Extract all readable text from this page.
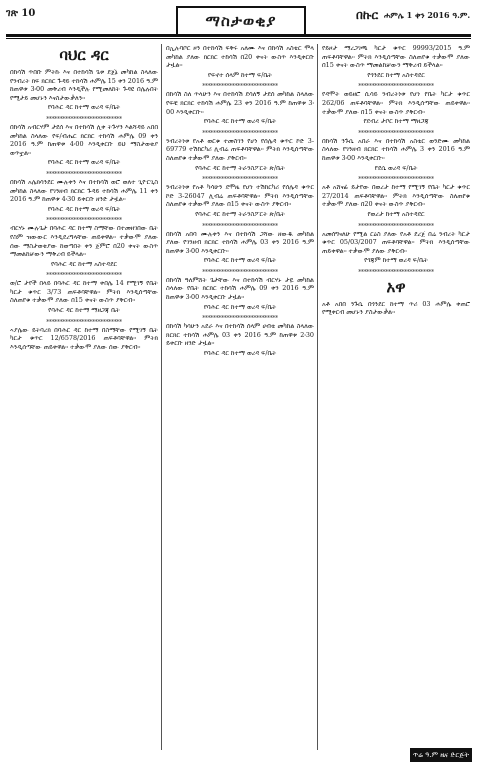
ገጽ 10	ማስታወቂያ	በኩር ሐምሌ 1 ቀን 2016 ዓ.ም.
ባህር ዳር

በከሳሽ ጥበቡ ምትኩ እና በተከሳሽ ጌቱ ደጀኔ መካከል ስላለው የንብረት ክፍ ክርክር ጉዳይ ተከሳሽ ሐምሌ 15 ቀን 2016 ዓ.ም ከጠዋቱ 3፡00 መቅረብ እንዲችሉ የሚመለከት ጉዳዩ በሌሉበት የሚታይ መሆኑን እናስታውቃለን፡፡

የባሕር ዳር ከተማ ወረዳ ፍ/ቤት
****************************

በከሳሽ አብርሃም ታደሰ እና በተከሳሽ ሊቀ ትጉሃን እልሻዳይ አበበ መካከል ስላለው የፍ/ብሔር ክርክር ተከሳሽ ሐምሌ 09 ቀን 2016 ዓ.ም ከጠዋቱ 4፡00 እንዲቀርቡ ይህ ማስታወቂያ ወጥቷል፡፡

የባሕር ዳር ከተማ ወረዳ ፍ/ቤት
****************************

በከሳሽ አሌክሳንደር ሙሉቀን እና በተከሳሽ ወሮ ወለተ ጊዮርጊስ መካከል ስላለው የገንዘብ ክርክር ጉዳይ ተከሳሽ ሐምሌ 11 ቀን 2016 ዓ.ም ከጠዋቱ 4፡30 ይቀርቡ ዘንድ ታዟል፡፡

የባሕር ዳር ከተማ ወረዳ ፍ/ቤት
****************************

ብርሃኑ ሙሉጌታ በባሕር ዳር ከተማ ስማቸው በተመዘገበው ቤት የስም ዝውውር እንዲደረግላቸው ጠይቀዋል፡፡ ተቃውሞ ያለው ሰው ማስታወቂያው ከወጣበት ቀን ጀምሮ በ20 ቀናት ውስጥ ማመልከቻውን ማቅረብ ይችላል፡፡

የባሕር ዳር ከተማ አስተዳደር
****************************

ወ/ሮ ታየች በላይ በባሕር ዳር ከተማ ቀበሌ 14 የሚገኝ የቤት ካርታ ቁጥር 3/73 ጠፍቶባቸዋል፡፡ ምትክ እንዲሰጣቸው ስለጠየቁ ተቃውሞ ያለው በ15 ቀናት ውስጥ ያቅርብ፡፡

የባሕር ዳር ከተማ ማዘጋጃ ቤት
****************************

ኣያሌው ይትባረክ በባሕር ዳር ከተማ በስማቸው የሚገኝ ቤት ካርታ ቁጥር 12/6578/2016 ጠፍቶባቸዋል፡፡ ምትክ እንዲሰጣቸው ጠይቀዋል፡፡ ተቃውሞ ያለው ሰው ያቅርብ፡፡

በኢሉባቦር ዞን በተከሳሽ ፍቅሩ አለሙ እና በከሳሽ አስቴር ሞላ መካከል ያለው ክርክር ተከሳሽ በ20 ቀናት ውስጥ እንዲቀርቡ ታዟል፡፡

የፍኖተ ሰላም ከተማ ፍ/ቤት
****************************

በከሳሽ ስለ ጥላሁን እና በተከሳሽ ደሳለኝ ታደሰ መካከል ስላለው የፍቺ ክርክር ተከሳሽ ሐምሌ 23 ቀን 2016 ዓ.ም ከጠዋቱ 3፡00 እንዲቀርቡ፡፡

የባሕር ዳር ከተማ ወረዳ ፍ/ቤት
****************************

ንብረትነቱ የአቶ ወርቁ ተመስገን የሆነ የሰሌዳ ቁጥር ኮድ 3-69779 ተሽከርካሪ ሊብሬ ጠፍቶባቸዋል፡፡ ምትክ እንዲሰጣቸው ስለጠየቁ ተቃውሞ ያለው ያቅርብ፡፡

የባሕር ዳር ከተማ ትራንስፖርት ጽ/ቤት
****************************

ንብረትነቱ የአቶ ካሳሁን ደሞዜ የሆነ ተሽከርካሪ የሰሌዳ ቁጥር ኮድ 3-26047 ሊብሬ ጠፍቶባቸዋል፡፡ ምትክ እንዲሰጣቸው ስለጠየቁ ተቃውሞ ያለው በ15 ቀናት ውስጥ ያቅርብ፡፡

የባሕር ዳር ከተማ ትራንስፖርት ጽ/ቤት
****************************

በከሳሽ አበባ ሙሉቀን እና በተከሳሽ ጋሻው ዘውዱ መካከል ያለው የገንዘብ ክርክር ተከሳሽ ሐምሌ 03 ቀን 2016 ዓ.ም ከጠዋቱ 3፡00 እንዲቀርቡ፡፡

የባሕር ዳር ከተማ ወረዳ ፍ/ቤት
****************************

በከሳሽ ዓለምሸት ጌታቸው እና በተከሳሽ ብርሃኑ ታዬ መካከል ስላለው የቤት ክርክር ተከሳሽ ሐምሌ 09 ቀን 2016 ዓ.ም ከጠዋቱ 3፡00 እንዲቀርቡ ታዟል፡፡

የባሕር ዳር ከተማ ወረዳ ፍ/ቤት
****************************

በከሳሽ ካሳሁን አደራ እና በተከሳሽ ሰላም ሀብቴ መካከል ስላለው ክርክር ተከሳሽ ሐምሌ 03 ቀን 2016 ዓ.ም ከጠዋቱ 2፡30 ይቀርቡ ዘንድ ታዟል፡፡

የባሕር ዳር ከተማ ወረዳ ፍ/ቤት

የይዞታ ማረጋገጫ ካርታ ቁጥር 99993/2015 ዓ.ም ጠፍቶባቸዋል፡፡ ምትክ እንዲሰጣቸው ስለጠየቁ ተቃውሞ ያለው በ15 ቀናት ውስጥ ማመልከቻውን ማቅረብ ይችላል፡፡

የጎንደር ከተማ አስተዳደር
****************************

የዳሞት ወይዘሮ ሲሳይ ንብረትነቱ የሆነ የቤት ካርታ ቁጥር 262/06 ጠፍቶባቸዋል፡፡ ምትክ እንዲሰጣቸው ጠይቀዋል፡፡ ተቃውሞ ያለው በ15 ቀናት ውስጥ ያቅርብ፡፡

የደብረ ታቦር ከተማ ማዘጋጃ
****************************

በከሳሽ ንጉሴ አበራ እና በተከሳሽ አስቴር ወንድሙ መካከል ስላለው የገንዘብ ክርክር ተከሳሽ ሐምሌ 3 ቀን 2016 ዓ.ም ከጠዋቱ 3፡00 እንዲቀርቡ፡፡

የደሴ ወረዳ ፍ/ቤት
****************************

አቶ አሸናፊ ይታየው በወረታ ከተማ የሚገኝ የቤት ካርታ ቁጥር 27/2014 ጠፍቶባቸዋል፡፡ ምትክ እንዲሰጣቸው ስለጠየቁ ተቃውሞ ያለው በ20 ቀናት ውስጥ ያቅርብ፡፡

የወረታ ከተማ አስተዳደር
****************************

አመሰግናለሁ የሚል ርዕስ ያለው የአቶ ደረጀ በሬ ንብረት ካርታ ቁጥር 05/03/2007 ጠፍቶባቸዋል፡፡ ምትክ እንዲሰጣቸው ጠይቀዋል፡፡ ተቃውሞ ያለው ያቅርብ፡፡

የጎጃም ከተማ ወረዳ ፍ/ቤት
****************************
አዋ

አቶ አበበ ንጉሴ በጎንደር ከተማ ጥሪ 03 ሐምሌ ቀጠሮ የሚቀርብ መሆኑን ያስታውቃል፡፡

ጥሬ ዓ.ም ዜና ድርጅት
